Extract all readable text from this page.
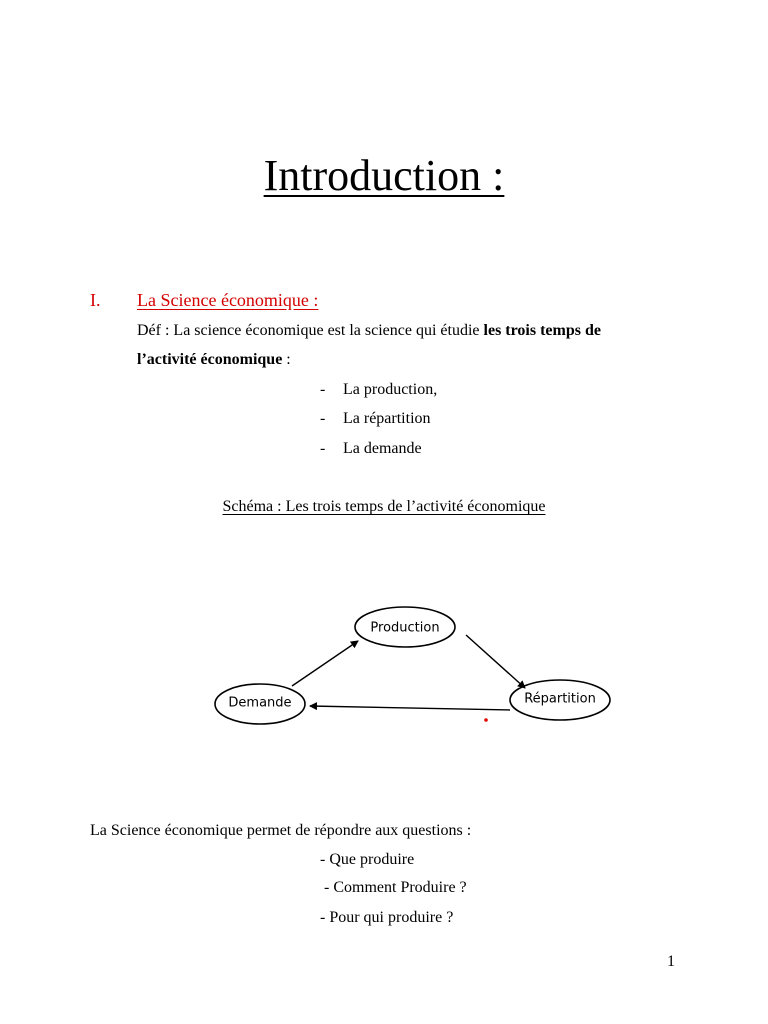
Introduction :
I. La Science économique :
Déf : La science économique est la science qui étudie les trois temps de
l’activité économique :
- La production,
- La répartition
- La demande
Schéma : Les trois temps de l’activité économique
Production
Répartition
Demande
La Science économique permet de répondre aux questions :
- Que produire
- Comment Produire ?
- Pour qui produire ?
1
